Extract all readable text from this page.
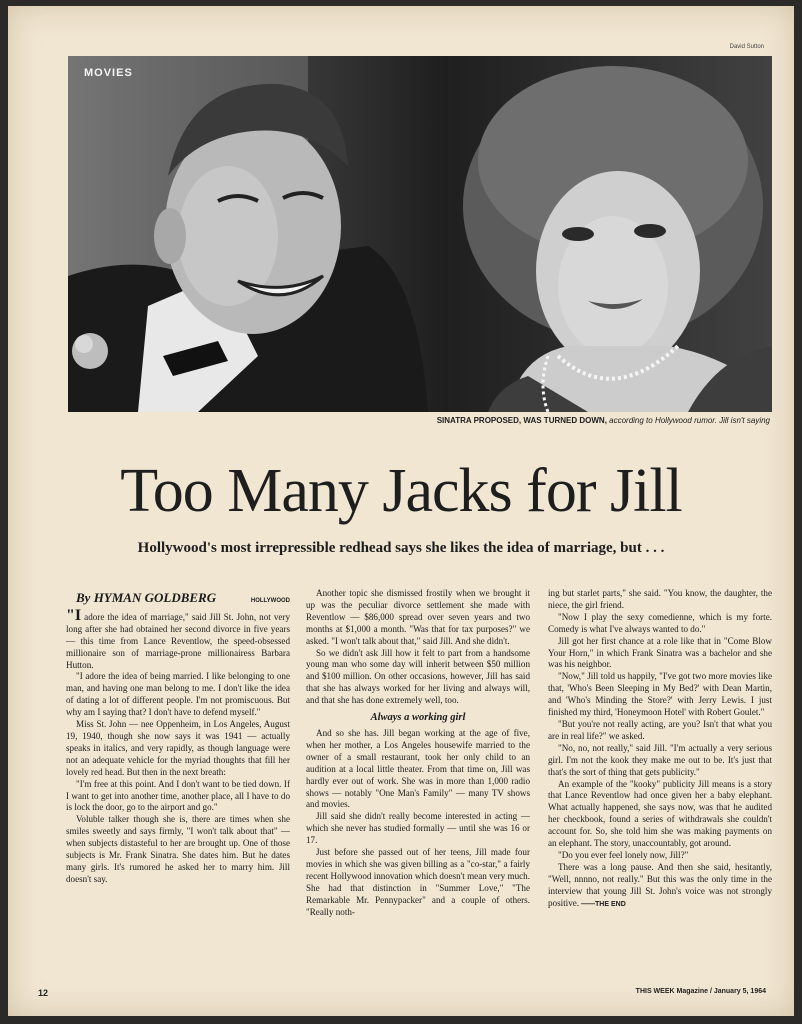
David Sutton
MOVIES
SINATRA PROPOSED, WAS TURNED DOWN, according to Hollywood rumor. Jill isn't saying
Too Many Jacks for Jill
Hollywood's most irrepressible redhead says she likes the idea of marriage, but . . .
By HYMAN GOLDBERG	HOLLYWOOD

"I adore the idea of marriage," said Jill St. John, not very long after she had obtained her second divorce in five years — this time from Lance Reventlow, the speed-obsessed millionaire son of marriage-prone millionairess Barbara Hutton.

"I adore the idea of being married. I like belonging to one man, and having one man belong to me. I don't like the idea of dating a lot of different people. I'm not promiscuous. But why am I saying that? I don't have to defend myself."

Miss St. John — nee Oppenheim, in Los Angeles, August 19, 1940, though she now says it was 1941 — actually speaks in italics, and very rapidly, as though language were not an adequate vehicle for the myriad thoughts that fill her lovely red head. But then in the next breath:

"I'm free at this point. And I don't want to be tied down. If I want to get into another time, another place, all I have to do is lock the door, go to the airport and go."

Voluble talker though she is, there are times when she smiles sweetly and says firmly, "I won't talk about that" — when subjects distasteful to her are brought up. One of those subjects is Mr. Frank Sinatra. She dates him. But he dates many girls. It's rumored he asked her to marry him. Jill doesn't say.

Another topic she dismissed frostily when we brought it up was the peculiar divorce settlement she made with Reventlow — $86,000 spread over seven years and two months at $1,000 a month. "Was that for tax purposes?" we asked. "I won't talk about that," said Jill. And she didn't.

So we didn't ask Jill how it felt to part from a handsome young man who some day will inherit between $50 million and $100 million. On other occasions, however, Jill has said that she has always worked for her living and always will, and that she has done extremely well, too.

Always a working girl

And so she has. Jill began working at the age of five, when her mother, a Los Angeles housewife married to the owner of a small restaurant, took her only child to an audition at a local little theater. From that time on, Jill was hardly ever out of work. She was in more than 1,000 radio shows — notably "One Man's Family" — many TV shows and movies.

Jill said she didn't really become interested in acting — which she never has studied formally — until she was 16 or 17.

Just before she passed out of her teens, Jill made four movies in which she was given billing as a "co-star," a fairly recent Hollywood innovation which doesn't mean very much. She had that distinction in "Summer Love," "The Remarkable Mr. Pennypacker" and a couple of others. "Really noth-

ing but starlet parts," she said. "You know, the daughter, the niece, the girl friend.

"Now I play the sexy comedienne, which is my forte. Comedy is what I've always wanted to do."

Jill got her first chance at a role like that in "Come Blow Your Horn," in which Frank Sinatra was a bachelor and she was his neighbor.

"Now," Jill told us happily, "I've got two more movies like that, 'Who's Been Sleeping in My Bed?' with Dean Martin, and 'Who's Minding the Store?' with Jerry Lewis. I just finished my third, 'Honeymoon Hotel' with Robert Goulet."

"But you're not really acting, are you? Isn't that what you are in real life?" we asked.

"No, no, not really," said Jill. "I'm actually a very serious girl. I'm not the kook they make me out to be. It's just that that's the sort of thing that gets publicity."

An example of the "kooky" publicity Jill means is a story that Lance Reventlow had once given her a baby elephant. What actually happened, she says now, was that he audited her checkbook, found a series of withdrawals she couldn't account for. So, she told him she was making payments on an elephant. The story, unaccountably, got around.

"Do you ever feel lonely now, Jill?"

There was a long pause. And then she said, hesitantly, "Well, nnnno, not really." But this was the only time in the interview that young Jill St. John's voice was not strongly positive. ——THE END

12	THIS WEEK Magazine / January 5, 1964
